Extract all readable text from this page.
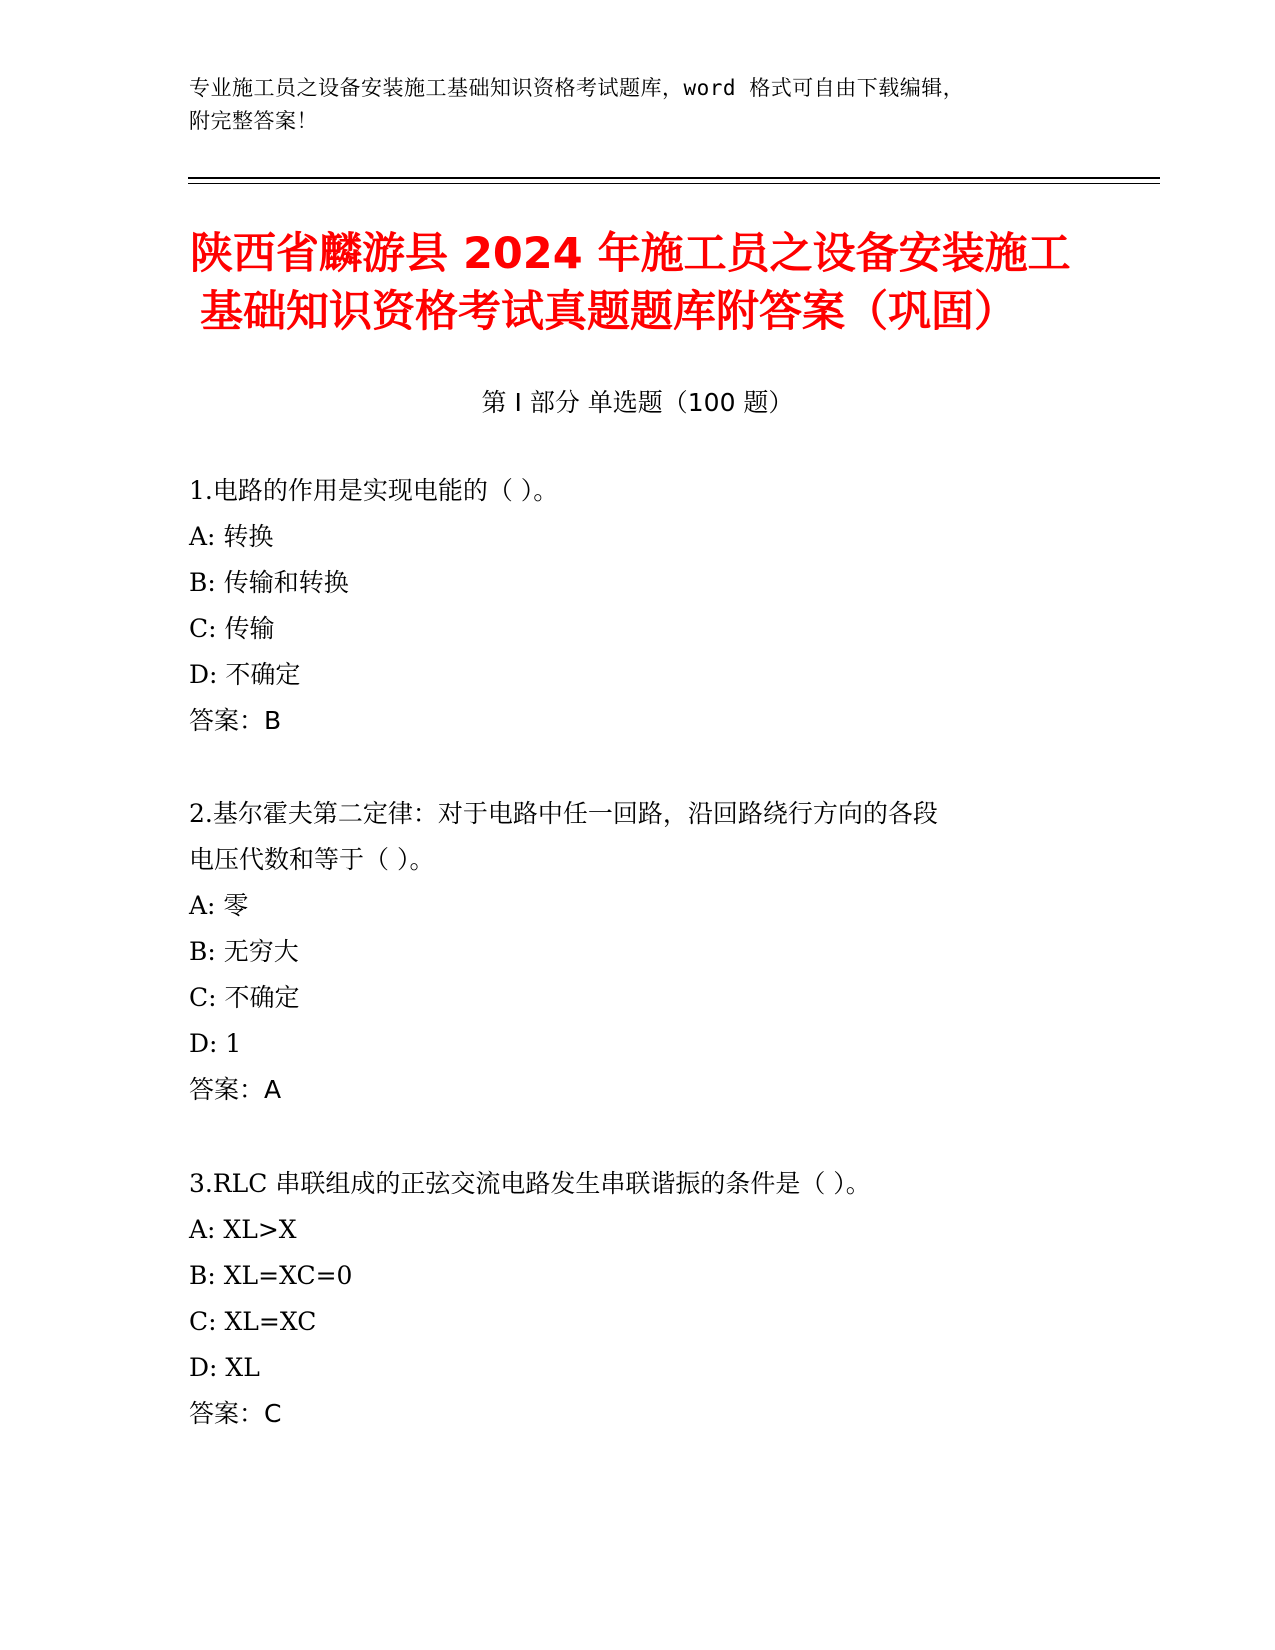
专业施工员之设备安装施工基础知识资格考试题库，word 格式可自由下载编辑，
附完整答案！
陕西省麟游县 2024 年施工员之设备安装施工
基础知识资格考试真题题库附答案（巩固）
第 I 部分 单选题（100 题）
1.电路的作用是实现电能的（ ）。
A: 转换
B: 传输和转换
C: 传输
D: 不确定
答案：B
2.基尔霍夫第二定律：对于电路中任一回路，沿回路绕行方向的各段
电压代数和等于（ ）。
A: 零
B: 无穷大
C: 不确定
D: 1
答案：A
3.RLC 串联组成的正弦交流电路发生串联谐振的条件是（ ）。
A: XL>X
B: XL=XC=0
C: XL=XC
D: XL
答案：C
